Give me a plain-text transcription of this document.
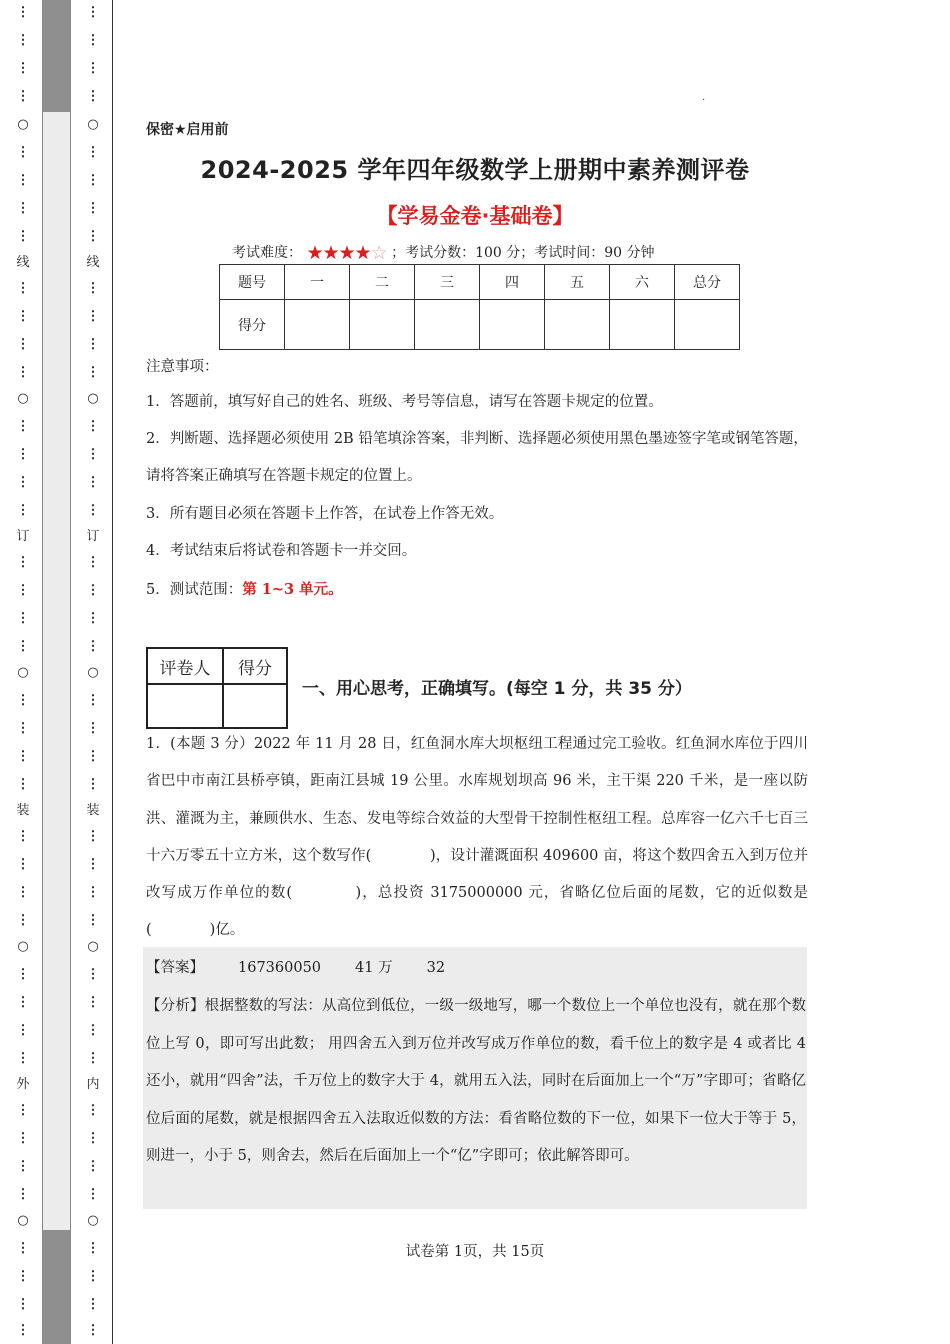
⋮
⋮
⋮
⋮
○
⋮
⋮
⋮
⋮
线
⋮
⋮
⋮
⋮
○
⋮
⋮
⋮
⋮
订
⋮
⋮
⋮
⋮
○
⋮
⋮
⋮
⋮
装
⋮
⋮
⋮
⋮
○
⋮
⋮
⋮
⋮
外
⋮
⋮
⋮
⋮
○
⋮
⋮
⋮
⋮
⋮
⋮
⋮
⋮
○
⋮
⋮
⋮
⋮
线
⋮
⋮
⋮
⋮
○
⋮
⋮
⋮
⋮
订
⋮
⋮
⋮
⋮
○
⋮
⋮
⋮
⋮
装
⋮
⋮
⋮
⋮
○
⋮
⋮
⋮
⋮
内
⋮
⋮
⋮
⋮
○
⋮
⋮
⋮
⋮
.
保密★启用前
2024-2025 学年四年级数学上册期中素养测评卷
【学易金卷·基础卷】
考试难度： ★★★★☆ ；考试分数：100 分；考试时间：90 分钟
题号	一	二	三	四	五	六	总分
得分							
注意事项：
1．答题前，填写好自己的姓名、班级、考号等信息，请写在答题卡规定的位置。
2．判断题、选择题必须使用 2B 铅笔填涂答案，非判断、选择题必须使用黑色墨迹签字笔或钢笔答题，请将答案正确填写在答题卡规定的位置上。
3．所有题目必须在答题卡上作答，在试卷上作答无效。
4．考试结束后将试卷和答题卡一并交回。
5．测试范围：第 1~3 单元。
评卷人	得分

一、用心思考，正确填写。(每空 1 分，共 35 分）
1．(本题 3 分）2022 年 11 月 28 日，红鱼洞水库大坝枢纽工程通过完工验收。红鱼洞水库位于四川省巴中市南江县桥亭镇，距南江县城 19 公里。水库规划坝高 96 米，主干渠 220 千米，是一座以防洪、灌溉为主，兼顾供水、生态、发电等综合效益的大型骨干控制性枢纽工程。总库容一亿六千七百三十六万零五十立方米，这个数写作(　　　　)，设计灌溉面积 409600 亩，将这个数四舍五入到万位并改写成万作单位的数(　　　　)，总投资 3175000000 元，省略亿位后面的尾数，它的近似数是(　　　　)亿。
【答案】 167360050 41 万 32
【分析】根据整数的写法：从高位到低位，一级一级地写，哪一个数位上一个单位也没有，就在那个数位上写 0，即可写出此数； 用四舍五入到万位并改写成万作单位的数，看千位上的数字是 4 或者比 4 还小，就用“四舍”法，千万位上的数字大于 4，就用五入法，同时在后面加上一个“万”字即可；省略亿位后面的尾数，就是根据四舍五入法取近似数的方法：看省略位数的下一位，如果下一位大于等于 5，则进一，小于 5，则舍去，然后在后面加上一个“亿”字即可；依此解答即可。
试卷第 1页，共 15页
